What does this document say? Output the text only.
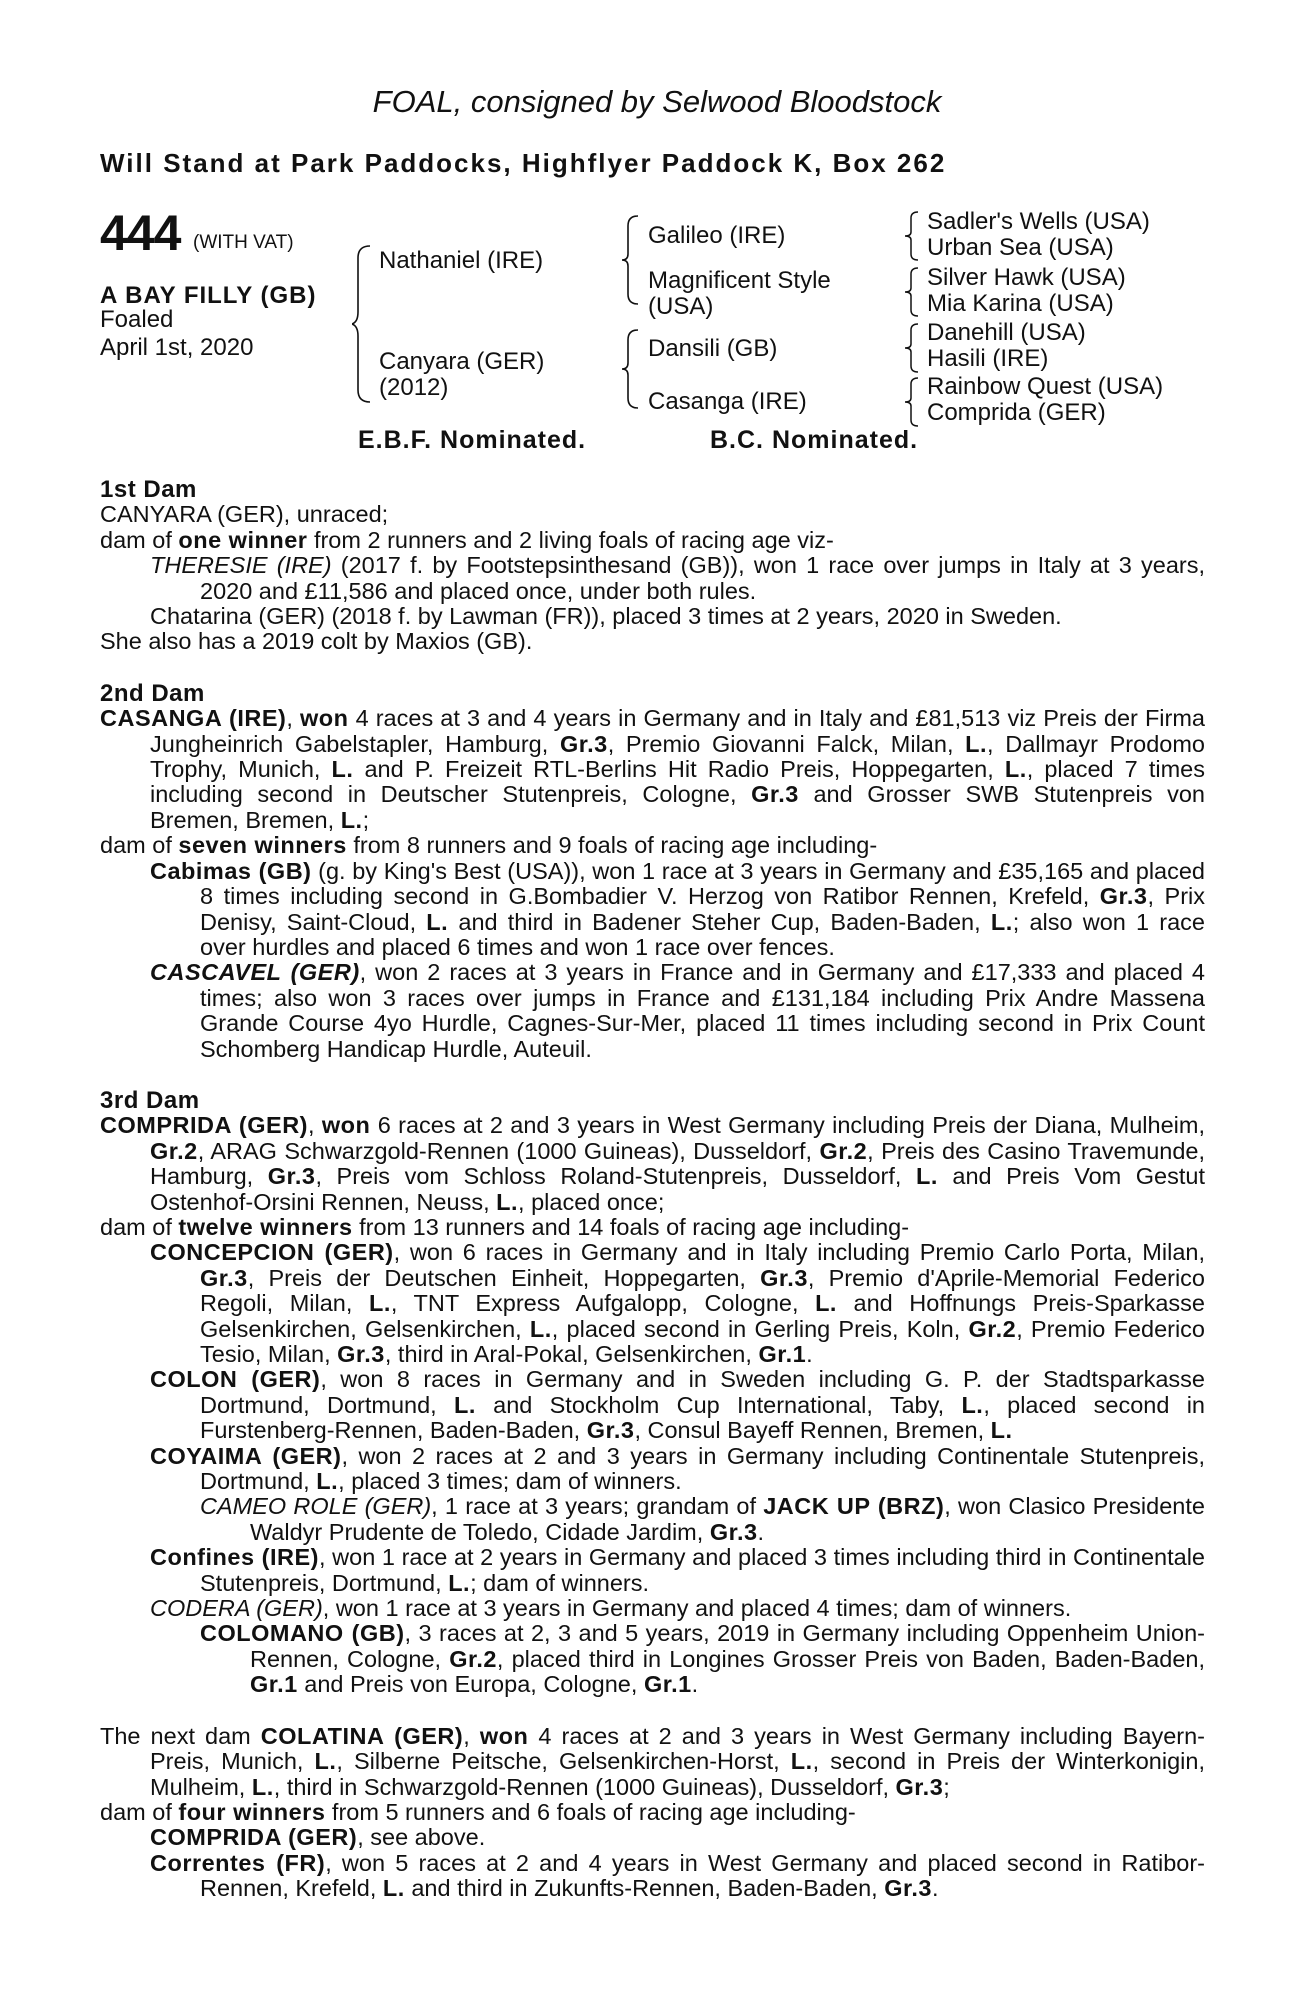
FOAL, consigned by Selwood Bloodstock
Will Stand at Park Paddocks, Highflyer Paddock K, Box 262
444 (WITH VAT)
A BAY FILLY (GB)
Foaled
April 1st, 2020
Nathaniel (IRE)
Canyara (GER)
(2012)
Galileo (IRE)
Magnificent Style
(USA)
Dansili (GB)
Casanga (IRE)
Sadler's Wells (USA)
Urban Sea (USA)
Silver Hawk (USA)
Mia Karina (USA)
Danehill (USA)
Hasili (IRE)
Rainbow Quest (USA)
Comprida (GER)
E.B.F. Nominated.	B.C. Nominated.

1st Dam

CANYARA (GER), unraced;

dam of one winner from 2 runners and 2 living foals of racing age viz-

THERESIE (IRE) (2017 f. by Footstepsinthesand (GB)), won 1 race over jumps in Italy at 3 years, 2020 and £11,586 and placed once, under both rules.

Chatarina (GER) (2018 f. by Lawman (FR)), placed 3 times at 2 years, 2020 in Sweden.

She also has a 2019 colt by Maxios (GB).

2nd Dam

CASANGA (IRE), won 4 races at 3 and 4 years in Germany and in Italy and £81,513 viz Preis der Firma Jungheinrich Gabelstapler, Hamburg, Gr.3, Premio Giovanni Falck, Milan, L., Dallmayr Prodomo Trophy, Munich, L. and P. Freizeit RTL-Berlins Hit Radio Preis, Hoppegarten, L., placed 7 times including second in Deutscher Stutenpreis, Cologne, Gr.3 and Grosser SWB Stutenpreis von Bremen, Bremen, L.;

dam of seven winners from 8 runners and 9 foals of racing age including-

Cabimas (GB) (g. by King's Best (USA)), won 1 race at 3 years in Germany and £35,165 and placed 8 times including second in G.Bombadier V. Herzog von Ratibor Rennen, Krefeld, Gr.3, Prix Denisy, Saint-Cloud, L. and third in Badener Steher Cup, Baden-Baden, L.; also won 1 race over hurdles and placed 6 times and won 1 race over fences.

CASCAVEL (GER), won 2 races at 3 years in France and in Germany and £17,333 and placed 4 times; also won 3 races over jumps in France and £131,184 including Prix Andre Massena Grande Course 4yo Hurdle, Cagnes-Sur-Mer, placed 11 times including second in Prix Count Schomberg Handicap Hurdle, Auteuil.

3rd Dam

COMPRIDA (GER), won 6 races at 2 and 3 years in West Germany including Preis der Diana, Mulheim, Gr.2, ARAG Schwarzgold-Rennen (1000 Guineas), Dusseldorf, Gr.2, Preis des Casino Travemunde, Hamburg, Gr.3, Preis vom Schloss Roland-Stutenpreis, Dusseldorf, L. and Preis Vom Gestut Ostenhof-Orsini Rennen, Neuss, L., placed once;

dam of twelve winners from 13 runners and 14 foals of racing age including-

CONCEPCION (GER), won 6 races in Germany and in Italy including Premio Carlo Porta, Milan, Gr.3, Preis der Deutschen Einheit, Hoppegarten, Gr.3, Premio d'Aprile-Memorial Federico Regoli, Milan, L., TNT Express Aufgalopp, Cologne, L. and Hoffnungs Preis-Sparkasse Gelsenkirchen, Gelsenkirchen, L., placed second in Gerling Preis, Koln, Gr.2, Premio Federico Tesio, Milan, Gr.3, third in Aral-Pokal, Gelsenkirchen, Gr.1.

COLON (GER), won 8 races in Germany and in Sweden including G. P. der Stadtsparkasse Dortmund, Dortmund, L. and Stockholm Cup International, Taby, L., placed second in Furstenberg-Rennen, Baden-Baden, Gr.3, Consul Bayeff Rennen, Bremen, L.

COYAIMA (GER), won 2 races at 2 and 3 years in Germany including Continentale Stutenpreis, Dortmund, L., placed 3 times; dam of winners.

CAMEO ROLE (GER), 1 race at 3 years; grandam of JACK UP (BRZ), won Clasico Presidente Waldyr Prudente de Toledo, Cidade Jardim, Gr.3.

Confines (IRE), won 1 race at 2 years in Germany and placed 3 times including third in Continentale Stutenpreis, Dortmund, L.; dam of winners.

CODERA (GER), won 1 race at 3 years in Germany and placed 4 times; dam of winners.

COLOMANO (GB), 3 races at 2, 3 and 5 years, 2019 in Germany including Oppenheim Union-Rennen, Cologne, Gr.2, placed third in Longines Grosser Preis von Baden, Baden-Baden, Gr.1 and Preis von Europa, Cologne, Gr.1.

The next dam COLATINA (GER), won 4 races at 2 and 3 years in West Germany including Bayern-Preis, Munich, L., Silberne Peitsche, Gelsenkirchen-Horst, L., second in Preis der Winterkonigin, Mulheim, L., third in Schwarzgold-Rennen (1000 Guineas), Dusseldorf, Gr.3;

dam of four winners from 5 runners and 6 foals of racing age including-

COMPRIDA (GER), see above.

Correntes (FR), won 5 races at 2 and 4 years in West Germany and placed second in Ratibor-Rennen, Krefeld, L. and third in Zukunfts-Rennen, Baden-Baden, Gr.3.
